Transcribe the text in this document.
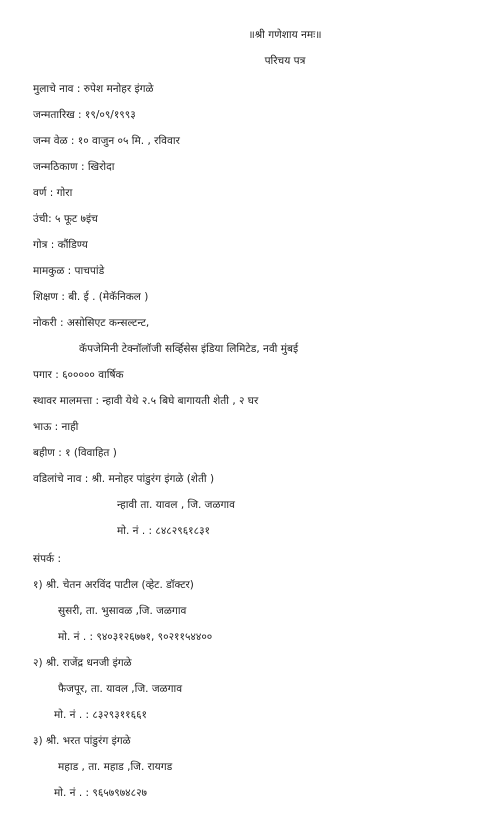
॥श्री गणेशाय नमः॥
परिचय पत्र
मुलाचे नाव : रुपेश मनोहर इंगळे
जन्मतारिख : १९/०९/१९९३
जन्म वेळ : १० वाजुन ०५ मि. , रविवार
जन्मठिकाण : खिरोदा
वर्ण : गोरा
उंची: ५ फूट ७इंच
गोत्र : कौंडिण्य
मामकुळ : पाचपांडे
शिक्षण : बी. ई . (मेकॅनिकल )
नोकरी : असोसिएट कन्सल्टन्ट,
कॅपजेमिनी टेक्नॉलॉजी सर्व्हिसेस इंडिया लिमिटेड, नवी मुंबई
पगार : ६००००० वार्षिक
स्थावर मालमत्ता : न्हावी येथे २.५ बिघे बागायती शेती , २ घर
भाऊ : नाही
बहीण : १ (विवाहित )
वडिलांचे नाव : श्री. मनोहर पांडुरंग इंगळे (शेती )
न्हावी ता. यावल , जि. जळगाव
मो. नं . : ८४८२९६१८३१
संपर्क :
१) श्री. चेतन अरविंद पाटील (व्हेट. डॉक्टर)
सुसरी, ता. भुसावळ ,जि. जळगाव
मो. नं . : ९४०३१२६७७१, ९०२११५४४००
२) श्री. राजेंद्र धनजी इंगळे
फैजपूर, ता. यावल ,जि. जळगाव
मो. नं . : ८३२९३११६६१
३) श्री. भरत पांडुरंग इंगळे
महाड , ता. महाड ,जि. रायगड
मो. नं . : ९६५७९७४८२७
